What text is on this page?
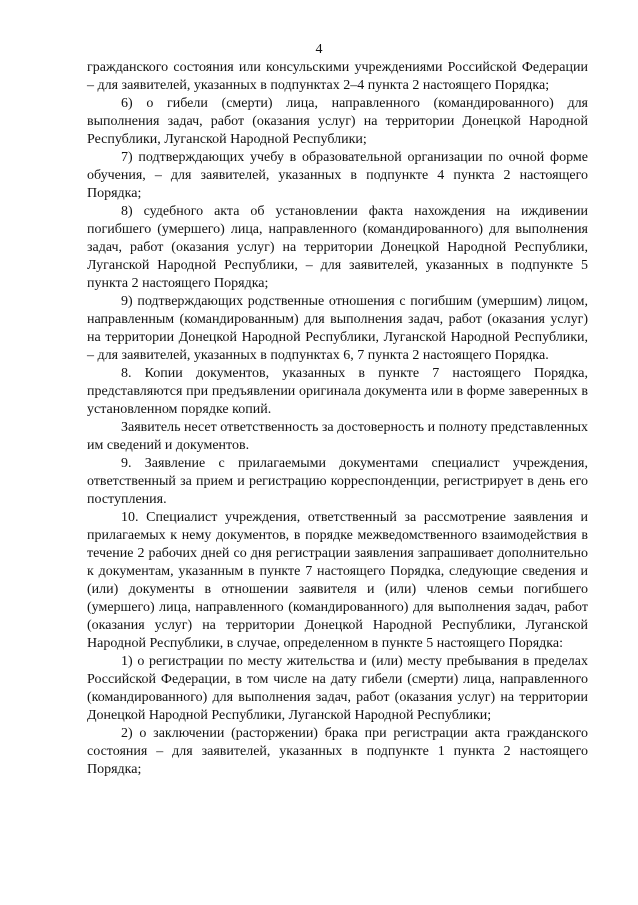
4

гражданского состояния или консульскими учреждениями Российской Федерации – для заявителей, указанных в подпунктах 2–4 пункта 2 настоящего Порядка;

6) о гибели (смерти) лица, направленного (командированного) для выполнения задач, работ (оказания услуг) на территории Донецкой Народной Республики, Луганской Народной Республики;

7) подтверждающих учебу в образовательной организации по очной форме обучения, – для заявителей, указанных в подпункте 4 пункта 2 настоящего Порядка;

8) судебного акта об установлении факта нахождения на иждивении погибшего (умершего) лица, направленного (командированного) для выполнения задач, работ (оказания услуг) на территории Донецкой Народной Республики, Луганской Народной Республики, – для заявителей, указанных в подпункте 5 пункта 2 настоящего Порядка;

9) подтверждающих родственные отношения с погибшим (умершим) лицом, направленным (командированным) для выполнения задач, работ (оказания услуг) на территории Донецкой Народной Республики, Луганской Народной Республики, – для заявителей, указанных в подпунктах 6, 7 пункта 2 настоящего Порядка.

8. Копии документов, указанных в пункте 7 настоящего Порядка, представляются при предъявлении оригинала документа или в форме заверенных в установленном порядке копий.

Заявитель несет ответственность за достоверность и полноту представленных им сведений и документов.

9. Заявление с прилагаемыми документами специалист учреждения, ответственный за прием и регистрацию корреспонденции, регистрирует в день его поступления.

10. Специалист учреждения, ответственный за рассмотрение заявления и прилагаемых к нему документов, в порядке межведомственного взаимодействия в течение 2 рабочих дней со дня регистрации заявления запрашивает дополнительно к документам, указанным в пункте 7 настоящего Порядка, следующие сведения и (или) документы в отношении заявителя и (или) членов семьи погибшего (умершего) лица, направленного (командированного) для выполнения задач, работ (оказания услуг) на территории Донецкой Народной Республики, Луганской Народной Республики, в случае, определенном в пункте 5 настоящего Порядка:

1) о регистрации по месту жительства и (или) месту пребывания в пределах Российской Федерации, в том числе на дату гибели (смерти) лица, направленного (командированного) для выполнения задач, работ (оказания услуг) на территории Донецкой Народной Республики, Луганской Народной Республики;

2) о заключении (расторжении) брака при регистрации акта гражданского состояния – для заявителей, указанных в подпункте 1 пункта 2 настоящего Порядка;
